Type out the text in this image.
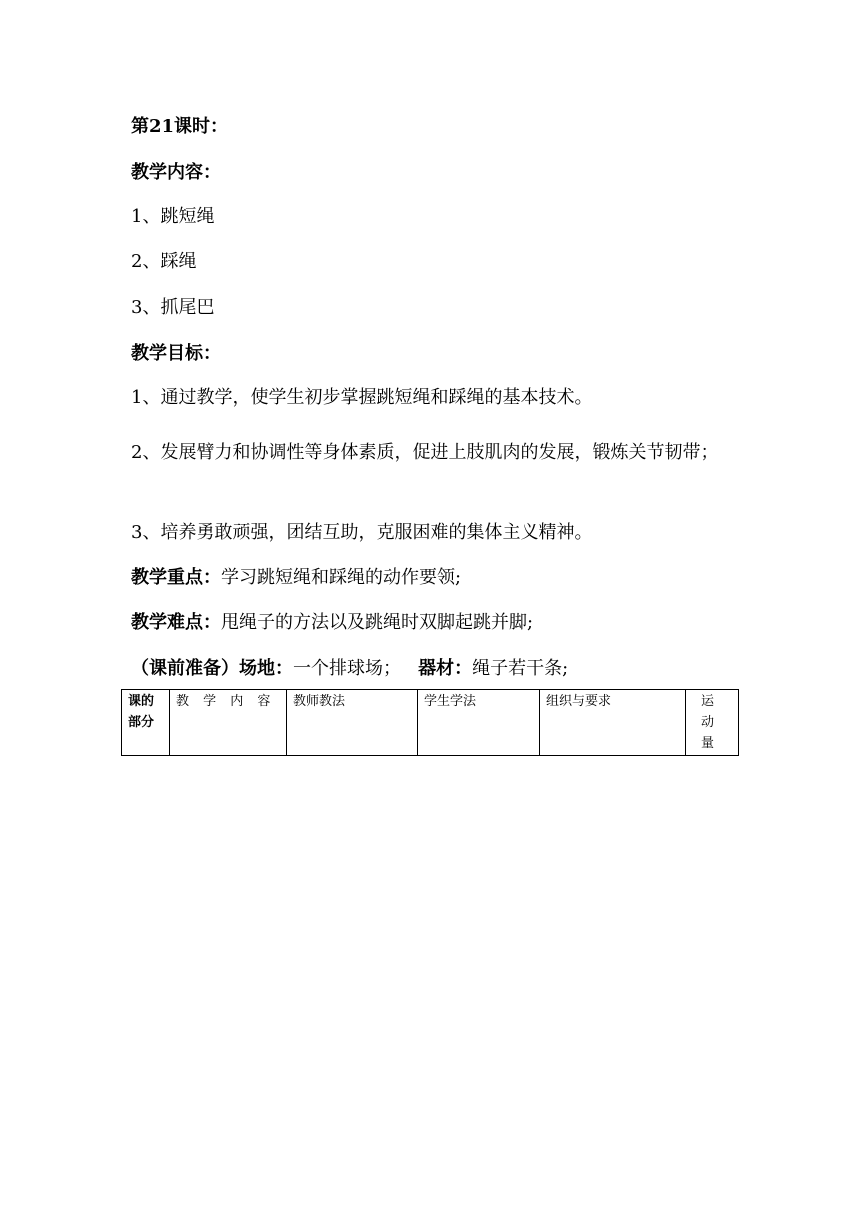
第21课时：
教学内容：
1、跳短绳
2、踩绳
3、抓尾巴
教学目标：
1、通过教学，使学生初步掌握跳短绳和踩绳的基本技术。
2、发展臂力和协调性等身体素质，促进上肢肌肉的发展，锻炼关节韧带；
3、培养勇敢顽强，团结互助，克服困难的集体主义精神。
教学重点：学习跳短绳和踩绳的动作要领;
教学难点：甩绳子的方法以及跳绳时双脚起跳并脚;
（课前准备）场地：一个排球场； 器材：绳子若干条;
课的部分	教 学 内 容	教师教法	学生学法	组织与要求	运 动 量
